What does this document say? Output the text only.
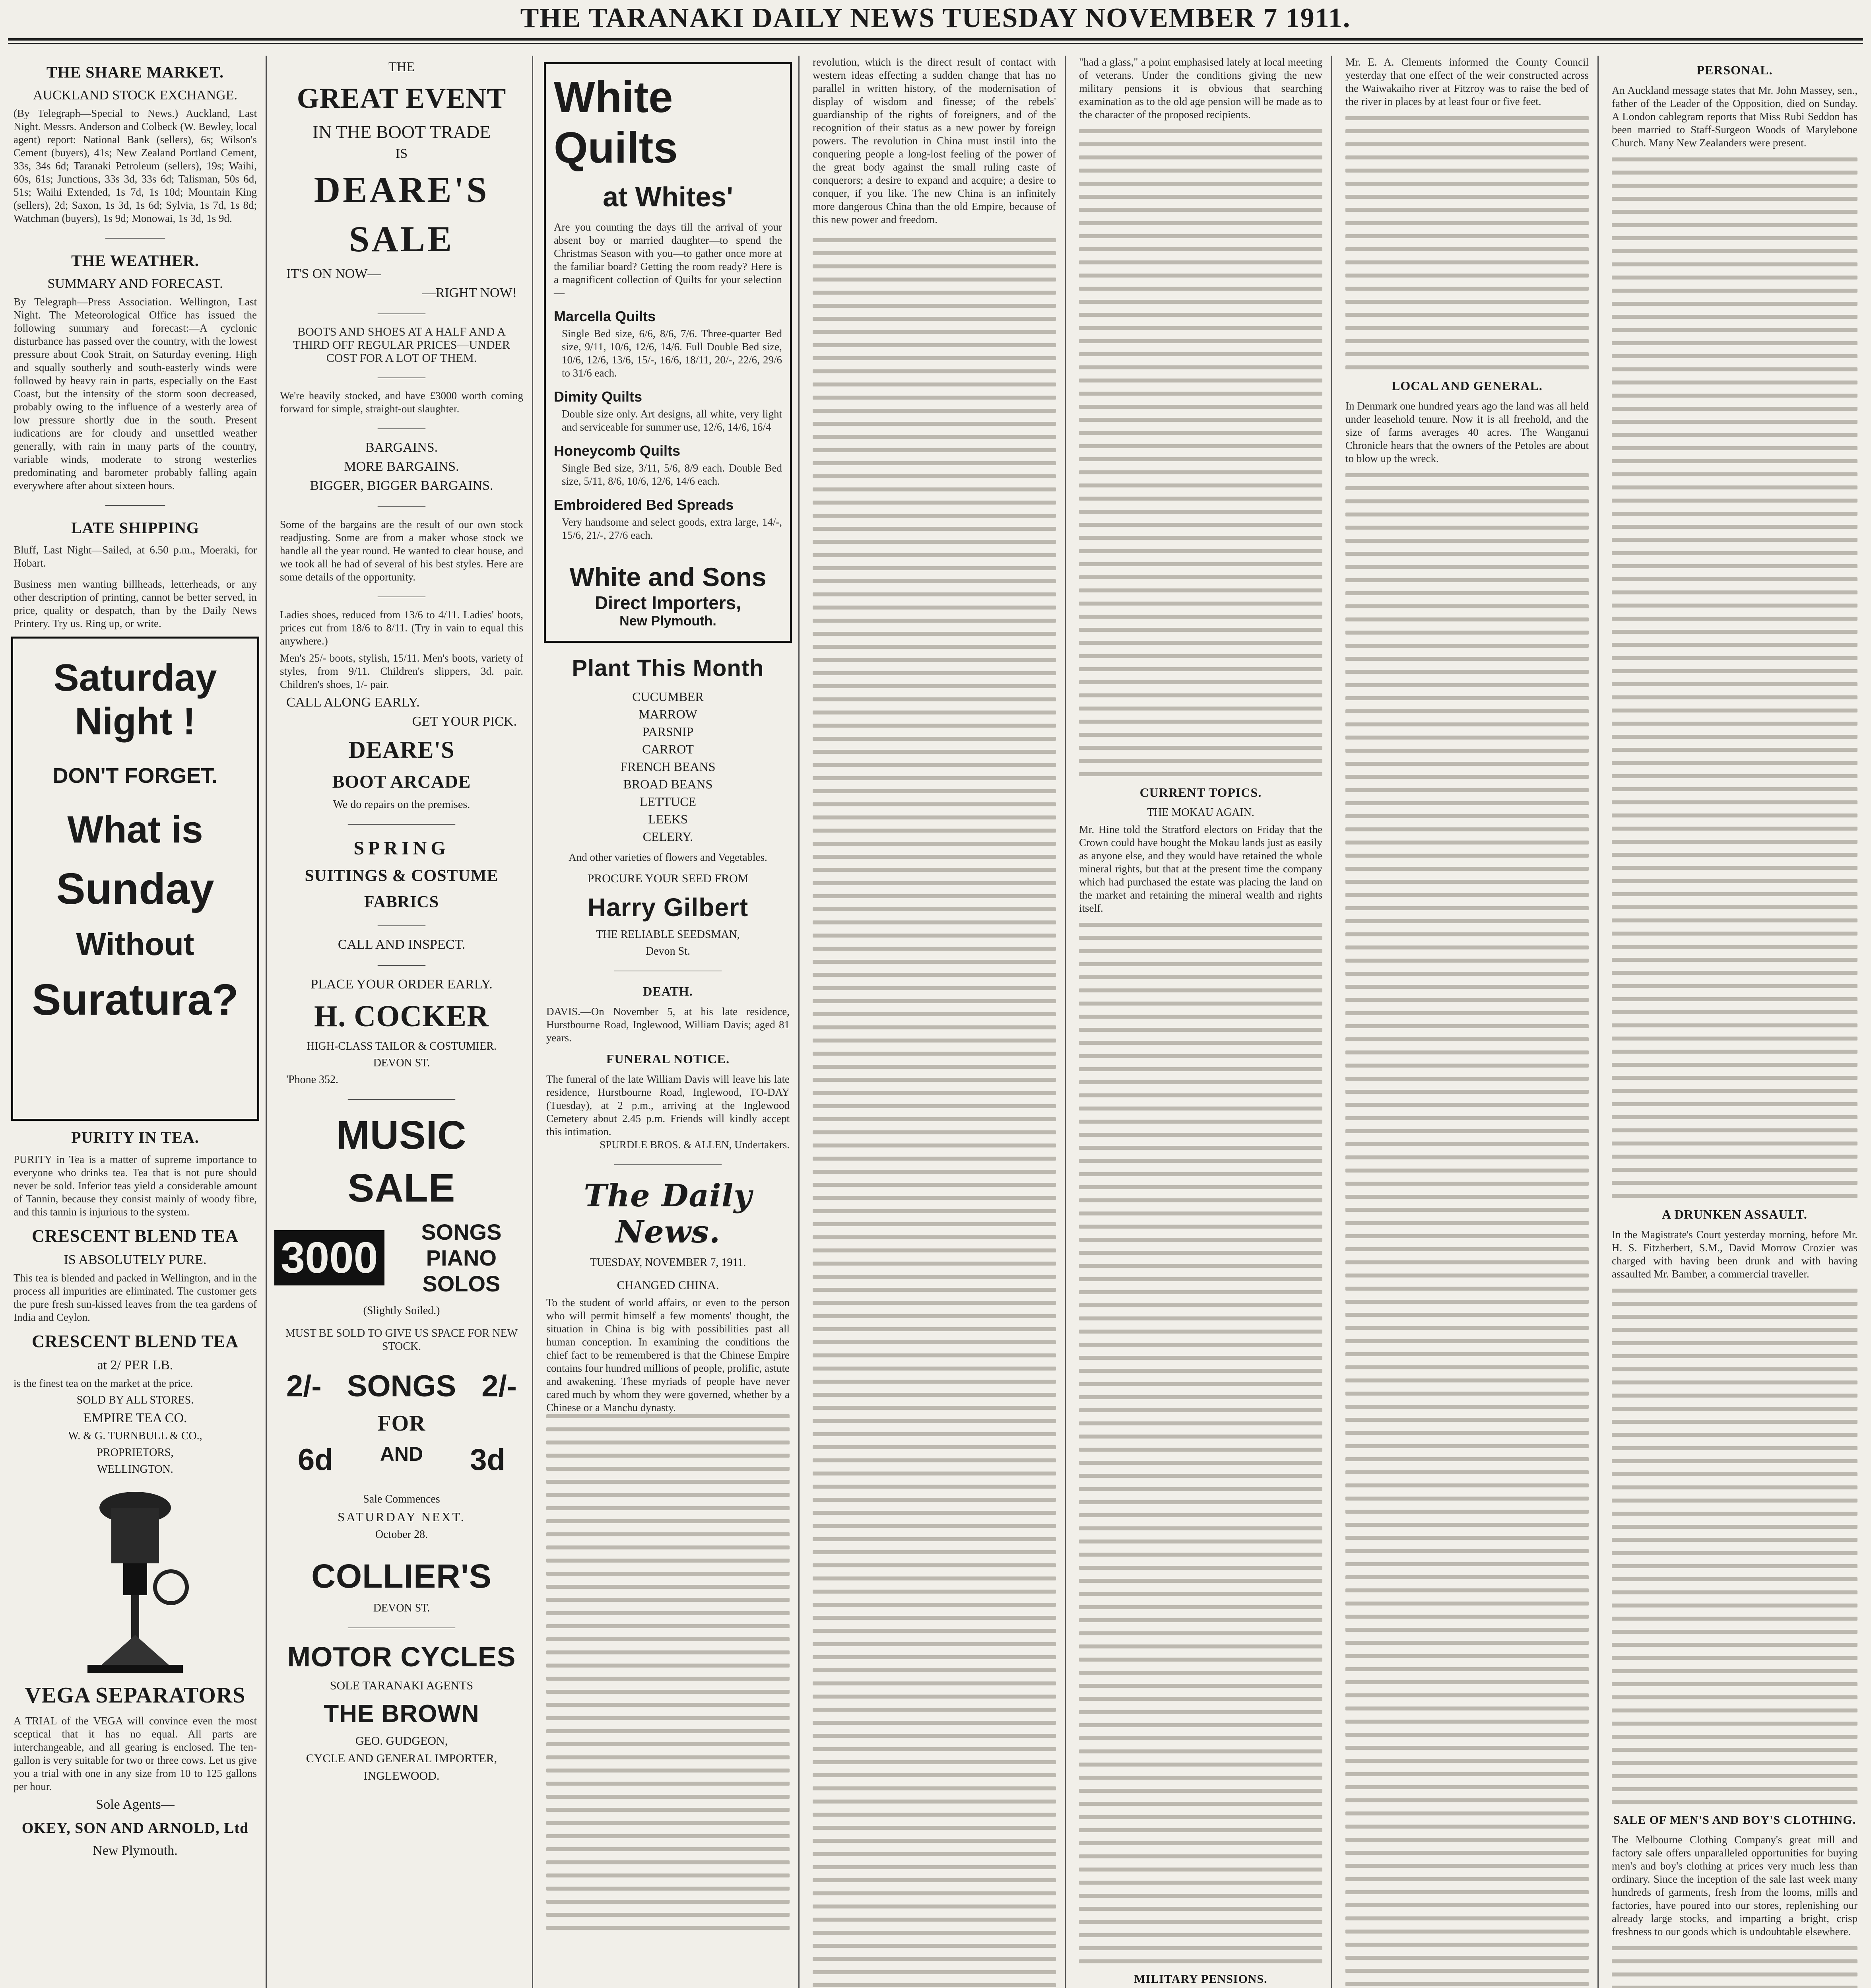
THE TARANAKI DAILY NEWS TUESDAY NOVEMBER 7 1911.
THE SHARE MARKET.
AUCKLAND STOCK EXCHANGE.
(By Telegraph—Special to News.) Auckland, Last Night. Messrs. Anderson and Colbeck (W. Bewley, local agent) report: National Bank (sellers), 6s; Wilson's Cement (buyers), 41s; New Zealand Portland Cement, 33s, 34s 6d; Taranaki Petroleum (sellers), 19s; Waihi, 60s, 61s; Junctions, 33s 3d, 33s 6d; Talisman, 50s 6d, 51s; Waihi Extended, 1s 7d, 1s 10d; Mountain King (sellers), 2d; Saxon, 1s 3d, 1s 6d; Sylvia, 1s 7d, 1s 8d; Watchman (buyers), 1s 9d; Monowai, 1s 3d, 1s 9d.
—————
THE WEATHER.
SUMMARY AND FORECAST.
By Telegraph—Press Association. Wellington, Last Night. The Meteorological Office has issued the following summary and forecast:—A cyclonic disturbance has passed over the country, with the lowest pressure about Cook Strait, on Saturday evening. High and squally southerly and south-easterly winds were followed by heavy rain in parts, especially on the East Coast, but the intensity of the storm soon decreased, probably owing to the influence of a westerly area of low pressure shortly due in the south. Present indications are for cloudy and unsettled weather generally, with rain in many parts of the country, variable winds, moderate to strong westerlies predominating and barometer probably falling again everywhere after about sixteen hours.
—————
LATE SHIPPING
Bluff, Last Night—Sailed, at 6.50 p.m., Moeraki, for Hobart.
Business men wanting billheads, letterheads, or any other description of printing, cannot be better served, in price, quality or despatch, than by the Daily News Printery. Try us. Ring up, or write.
Saturday
Night !
DON'T FORGET.
What is
Sunday
Without
Suratura?
PURITY IN TEA.
PURITY in Tea is a matter of supreme importance to everyone who drinks tea. Tea that is not pure should never be sold. Inferior teas yield a considerable amount of Tannin, because they consist mainly of woody fibre, and this tannin is injurious to the system.
CRESCENT BLEND TEA
IS ABSOLUTELY PURE.
This tea is blended and packed in Wellington, and in the process all impurities are eliminated. The customer gets the pure fresh sun-kissed leaves from the tea gardens of India and Ceylon.
CRESCENT BLEND TEA
at 2/ PER LB.
is the finest tea on the market at the price.
SOLD BY ALL STORES.
EMPIRE TEA CO.
W. & G. TURNBULL & CO.,
PROPRIETORS,
WELLINGTON.
VEGA SEPARATORS
A TRIAL of the VEGA will convince even the most sceptical that it has no equal. All parts are interchangeable, and all gearing is enclosed. The ten-gallon is very suitable for two or three cows. Let us give you a trial with one in any size from 10 to 125 gallons per hour.
Sole Agents—
OKEY, SON AND ARNOLD, Ltd
New Plymouth.
THE
GREAT EVENT
IN THE BOOT TRADE
IS
DEARE'S
SALE
IT'S ON NOW—
—RIGHT NOW!
————
BOOTS AND SHOES AT A HALF AND A THIRD OFF REGULAR PRICES—UNDER COST FOR A LOT OF THEM.
————
We're heavily stocked, and have £3000 worth coming forward for simple, straight-out slaughter.
————
BARGAINS.
MORE BARGAINS.
BIGGER, BIGGER BARGAINS.
————
Some of the bargains are the result of our own stock readjusting. Some are from a maker whose stock we handle all the year round. He wanted to clear house, and we took all he had of several of his best styles. Here are some details of the opportunity.
————
Ladies shoes, reduced from 13/6 to 4/11. Ladies' boots, prices cut from 18/6 to 8/11. (Try in vain to equal this anywhere.)
Men's 25/- boots, stylish, 15/11. Men's boots, variety of styles, from 9/11. Children's slippers, 3d. pair. Children's shoes, 1/- pair.
CALL ALONG EARLY.
GET YOUR PICK.
DEARE'S
BOOT ARCADE
We do repairs on the premises.
—————————
SPRING
SUITINGS & COSTUME
FABRICS
————
CALL AND INSPECT.
————
PLACE YOUR ORDER EARLY.
H. COCKER
HIGH-CLASS TAILOR & COSTUMIER.
DEVON ST.
'Phone 352.
—————————
MUSIC
SALE
3000
SONGS
PIANO SOLOS
(Slightly Soiled.)
MUST BE SOLD TO GIVE US SPACE FOR NEW STOCK.
2/- SONGS 2/-
FOR
6d AND 3d
Sale Commences
SATURDAY NEXT.
October 28.
COLLIER'S
DEVON ST.
—————————
MOTOR CYCLES
SOLE TARANAKI AGENTS
THE BROWN
GEO. GUDGEON,
CYCLE AND GENERAL IMPORTER,
INGLEWOOD.
White
Quilts
at Whites'
Are you counting the days till the arrival of your absent boy or married daughter—to spend the Christmas Season with you—to gather once more at the familiar board? Getting the room ready? Here is a magnificent collection of Quilts for your selection—
Marcella Quilts
Single Bed size, 6/6, 8/6, 7/6. Three-quarter Bed size, 9/11, 10/6, 12/6, 14/6. Full Double Bed size, 10/6, 12/6, 13/6, 15/-, 16/6, 18/11, 20/-, 22/6, 29/6 to 31/6 each.
Dimity Quilts
Double size only. Art designs, all white, very light and serviceable for summer use, 12/6, 14/6, 16/4
Honeycomb Quilts
Single Bed size, 3/11, 5/6, 8/9 each. Double Bed size, 5/11, 8/6, 10/6, 12/6, 14/6 each.
Embroidered Bed Spreads
Very handsome and select goods, extra large, 14/-, 15/6, 21/-, 27/6 each.
White and Sons
Direct Importers,
New Plymouth.
Plant This Month
CUCUMBER
MARROW
PARSNIP
CARROT
FRENCH BEANS
BROAD BEANS
LETTUCE
LEEKS
CELERY.
And other varieties of flowers and Vegetables.
PROCURE YOUR SEED FROM
Harry Gilbert
THE RELIABLE SEEDSMAN,
Devon St.
—————————
DEATH.
DAVIS.—On November 5, at his late residence, Hurstbourne Road, Inglewood, William Davis; aged 81 years.
FUNERAL NOTICE.
The funeral of the late William Davis will leave his late residence, Hurstbourne Road, Inglewood, TO-DAY (Tuesday), at 2 p.m., arriving at the Inglewood Cemetery about 2.45 p.m. Friends will kindly accept this intimation.
SPURDLE BROS. & ALLEN, Undertakers.
—————————
The Daily News.
TUESDAY, NOVEMBER 7, 1911.
CHANGED CHINA.
To the student of world affairs, or even to the person who will permit himself a few moments' thought, the situation in China is big with possibilities past all human conception. In examining the conditions the chief fact to be remembered is that the Chinese Empire contains four hundred millions of people, prolific, astute and awakening. These myriads of people have never cared much by whom they were governed, whether by a Chinese or a Manchu dynasty.
revolution, which is the direct result of contact with western ideas effecting a sudden change that has no parallel in written history, of the modernisation of display of wisdom and finesse; of the rebels' guardianship of the rights of foreigners, and of the recognition of their status as a new power by foreign powers. The revolution in China must instil into the conquering people a long-lost feeling of the power of the great body against the small ruling caste of conquerors; a desire to expand and acquire; a desire to conquer, if you like. The new China is an infinitely more dangerous China than the old Empire, because of this new power and freedom.
"had a glass," a point emphasised lately at local meeting of veterans. Under the conditions giving the new military pensions it is obvious that searching examination as to the old age pension will be made as to the character of the proposed recipients.
CURRENT TOPICS.
THE MOKAU AGAIN.
Mr. Hine told the Stratford electors on Friday that the Crown could have bought the Mokau lands just as easily as anyone else, and they would have retained the whole mineral rights, but that at the present time the company which had purchased the estate was placing the land on the market and retaining the mineral wealth and rights itself.
MILITARY PENSIONS.
Mr. E. A. Clements informed the County Council yesterday that one effect of the weir constructed across the Waiwakaiho river at Fitzroy was to raise the bed of the river in places by at least four or five feet.
LOCAL AND GENERAL.
In Denmark one hundred years ago the land was all held under leasehold tenure. Now it is all freehold, and the size of farms averages 40 acres. The Wanganui Chronicle hears that the owners of the Petoles are about to blow up the wreck.
PERSONAL.
An Auckland message states that Mr. John Massey, sen., father of the Leader of the Opposition, died on Sunday. A London cablegram reports that Miss Rubi Seddon has been married to Staff-Surgeon Woods of Marylebone Church. Many New Zealanders were present.
A DRUNKEN ASSAULT.
In the Magistrate's Court yesterday morning, before Mr. H. S. Fitzherbert, S.M., David Morrow Crozier was charged with having been drunk and with having assaulted Mr. Bamber, a commercial traveller.
SALE OF MEN'S AND BOY'S CLOTHING.
The Melbourne Clothing Company's great mill and factory sale offers unparalleled opportunities for buying men's and boy's clothing at prices very much less than ordinary. Since the inception of the sale last week many hundreds of garments, fresh from the looms, mills and factories, have poured into our stores, replenishing our already large stocks, and imparting a bright, crisp freshness to our goods which is undoubtable elsewhere.
